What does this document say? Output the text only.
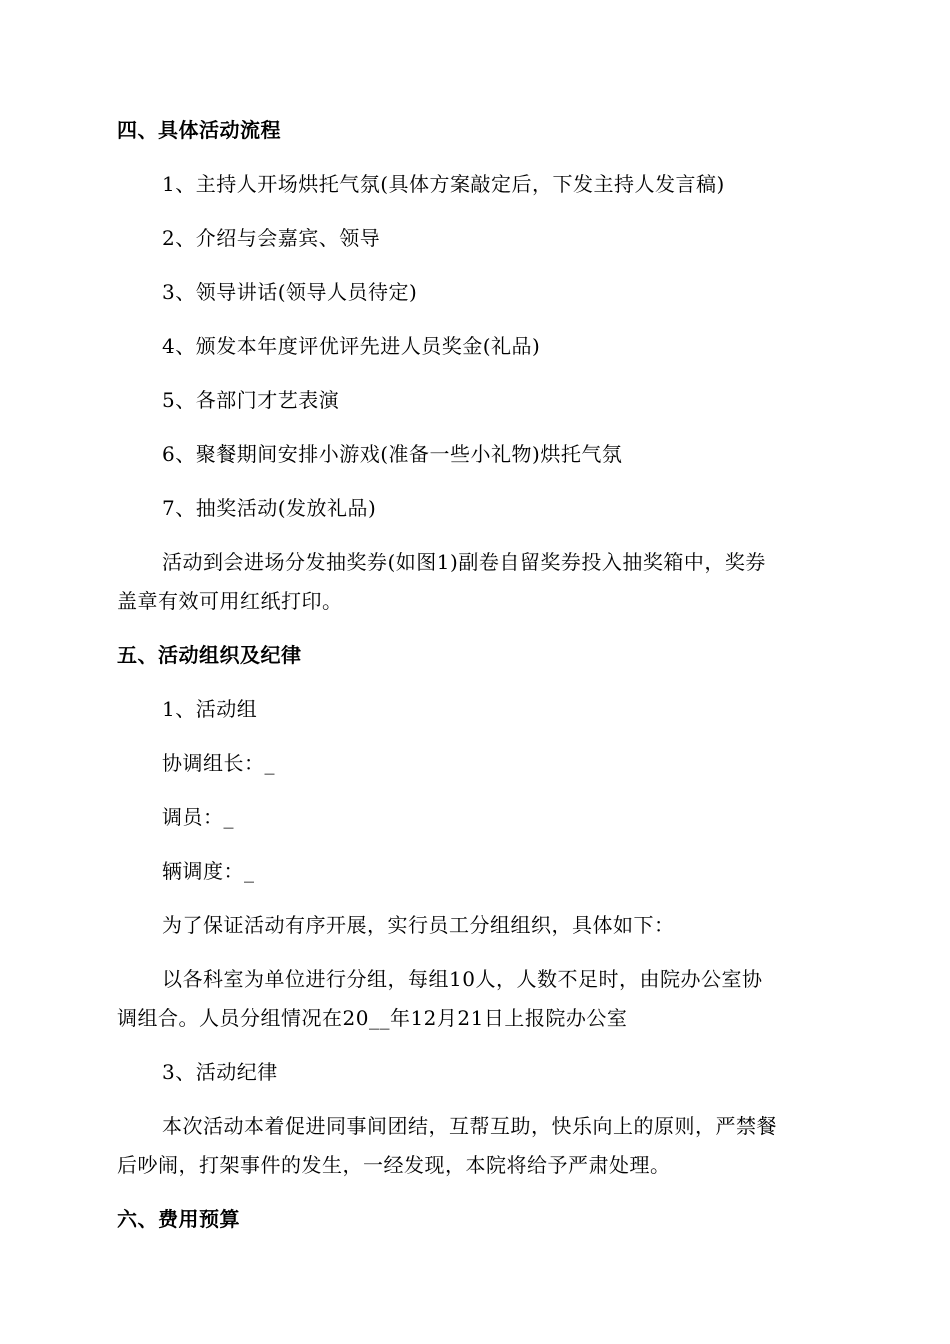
四、具体活动流程
1、主持人开场烘托气氛(具体方案敲定后，下发主持人发言稿)
2、介绍与会嘉宾、领导
3、领导讲话(领导人员待定)
4、颁发本年度评优评先进人员奖金(礼品)
5、各部门才艺表演
6、聚餐期间安排小游戏(准备一些小礼物)烘托气氛
7、抽奖活动(发放礼品)
活动到会进场分发抽奖券(如图1)副卷自留奖券投入抽奖箱中，奖券
盖章有效可用红纸打印。
五、活动组织及纪律
1、活动组
协调组长：_
调员：_
辆调度：_
为了保证活动有序开展，实行员工分组组织，具体如下：
以各科室为单位进行分组，每组10人，人数不足时，由院办公室协
调组合。人员分组情况在20__年12月21日上报院办公室
3、活动纪律
本次活动本着促进同事间团结，互帮互助，快乐向上的原则，严禁餐
后吵闹，打架事件的发生，一经发现，本院将给予严肃处理。
六、费用预算
